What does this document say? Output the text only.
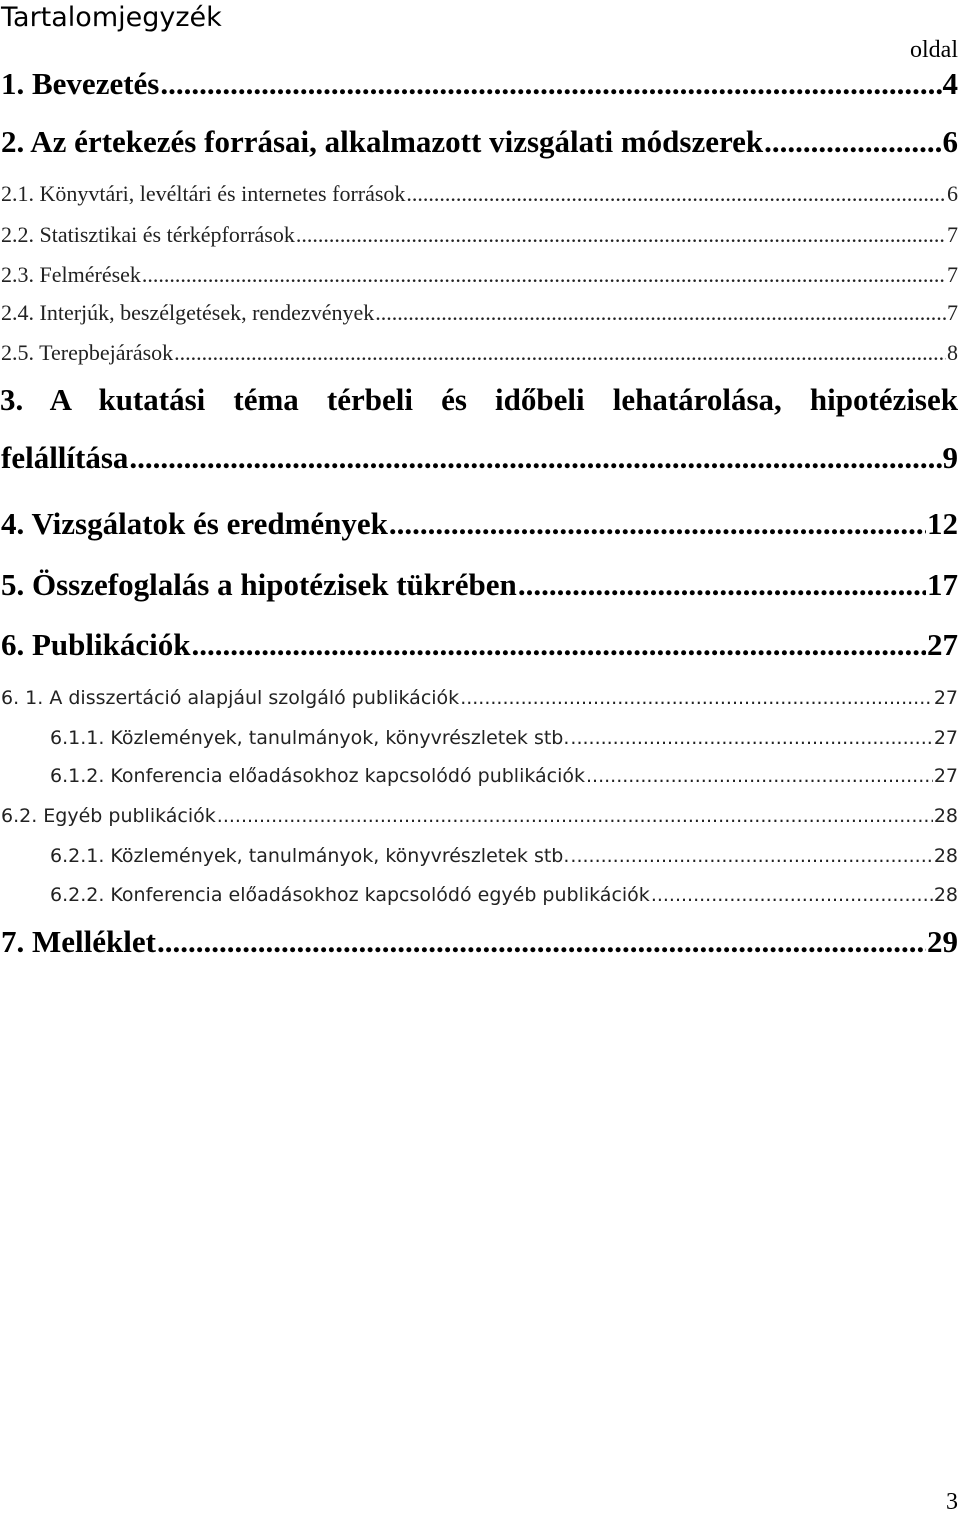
Tartalomjegyzék
oldal
1. Bevezetés .....	4
2. Az értekezés forrásai, alkalmazott vizsgálati módszerek .....	6
2.1. Könyvtári, levéltári és internetes források .....	6
2.2. Statisztikai és térképforrások .....	7
2.3. Felmérések .....	7
2.4. Interjúk, beszélgetések, rendezvények .....	7
2.5. Terepbejárások .....	8
3. A kutatási téma térbeli és időbeli lehatárolása, hipotézisek
felállítása .....	9
4. Vizsgálatok és eredmények .....	12
5. Összefoglalás a hipotézisek tükrében .....	17
6. Publikációk .....	27
6. 1. A disszertáció alapjául szolgáló publikációk .....	27
6.1.1. Közlemények, tanulmányok, könyvrészletek stb. .....	27
6.1.2. Konferencia előadásokhoz kapcsolódó publikációk .....	27
6.2. Egyéb publikációk .....	28
6.2.1. Közlemények, tanulmányok, könyvrészletek stb. .....	28
6.2.2. Konferencia előadásokhoz kapcsolódó egyéb publikációk .....	28
7. Melléklet .....	29
3
